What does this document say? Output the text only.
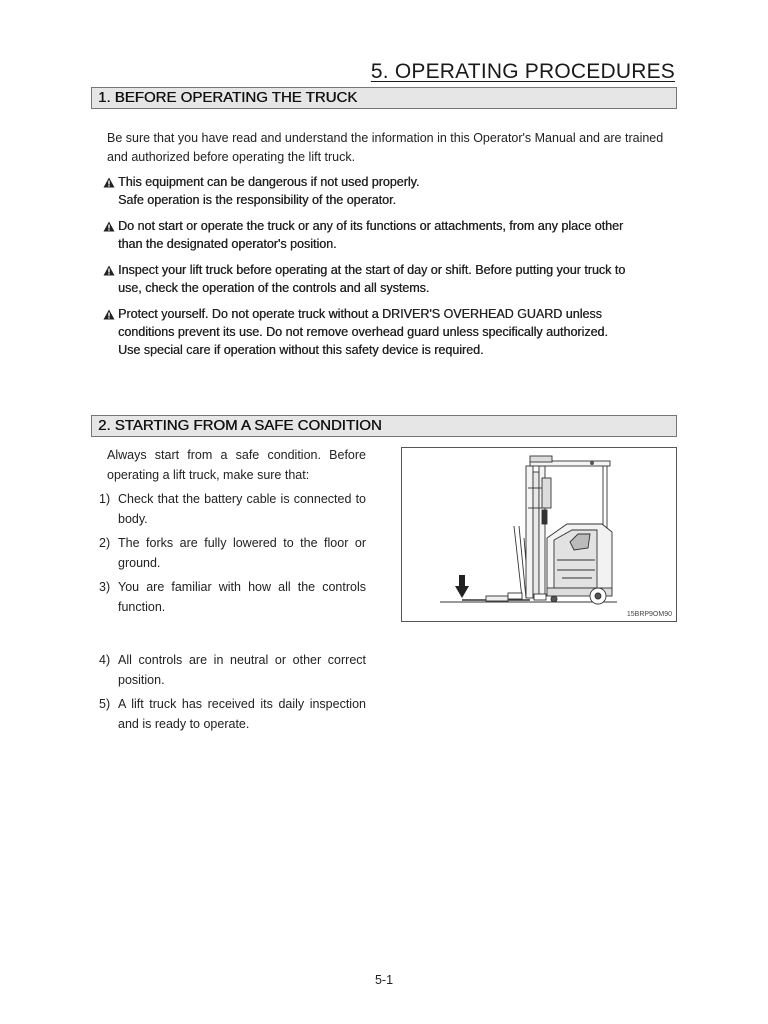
5. OPERATING PROCEDURES
1. BEFORE OPERATING THE TRUCK
Be sure that you have read and understand the information in this Operator's Manual and are trained
and authorized before operating the lift truck.
This equipment can be dangerous if not used properly.
Safe operation is the responsibility of the operator.
Do not start or operate the truck or any of its functions or attachments, from any place other
than the designated operator's position.
Inspect your lift truck before operating at the start of day or shift. Before putting your truck to
use, check the operation of the controls and all systems.
Protect yourself. Do not operate truck without a DRIVER'S OVERHEAD GUARD unless
conditions prevent its use. Do not remove overhead guard unless specifically authorized.
Use special care if operation without this safety device is required.
2. STARTING FROM A SAFE CONDITION
Always start from a safe condition. Before operating a lift truck, make sure that:
1) Check that the battery cable is connected to body.
2) The forks are fully lowered to the floor or ground.
3) You are familiar with how all the controls function.
4) All controls are in neutral or other correct position.
5) A lift truck has received its daily inspection and is ready to operate.
15BRP9OM90
5-1
